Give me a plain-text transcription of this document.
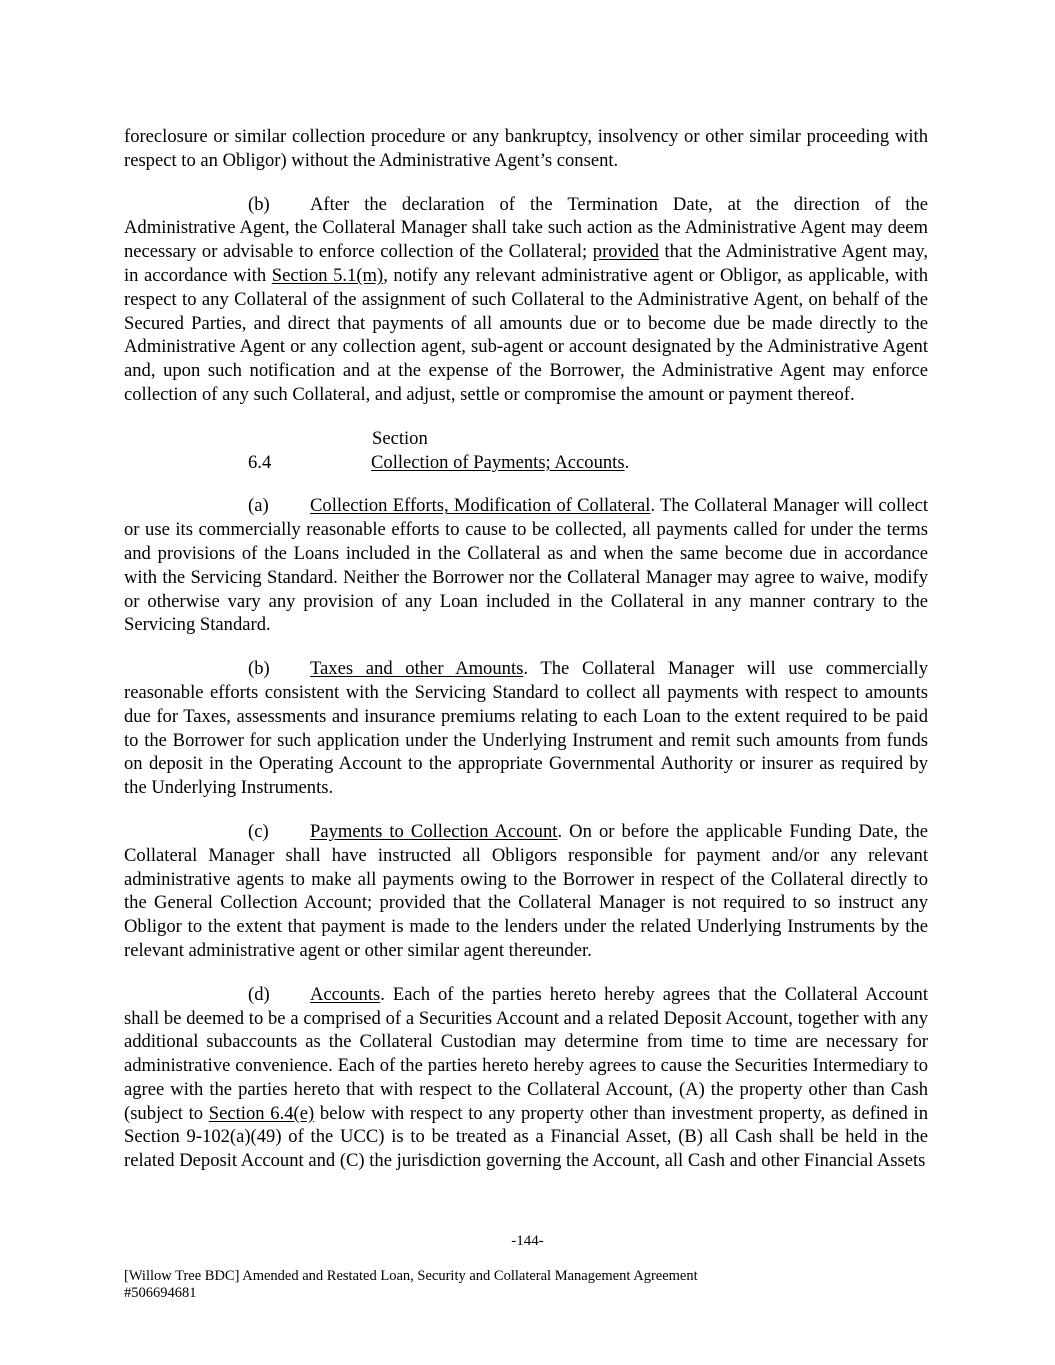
foreclosure or similar collection procedure or any bankruptcy, insolvency or other similar proceeding with respect to an Obligor) without the Administrative Agent’s consent.

(b) After the declaration of the Termination Date, at the direction of the Administrative Agent, the Collateral Manager shall take such action as the Administrative Agent may deem necessary or advisable to enforce collection of the Collateral; provided that the Administrative Agent may, in accordance with Section 5.1(m), notify any relevant administrative agent or Obligor, as applicable, with respect to any Collateral of the assignment of such Collateral to the Administrative Agent, on behalf of the Secured Parties, and direct that payments of all amounts due or to become due be made directly to the Administrative Agent or any collection agent, sub-agent or account designated by the Administrative Agent and, upon such notification and at the expense of the Borrower, the Administrative Agent may enforce collection of any such Collateral, and adjust, settle or compromise the amount or payment thereof.

Section 6.4	Collection of Payments; Accounts.

(a) Collection Efforts, Modification of Collateral. The Collateral Manager will collect or use its commercially reasonable efforts to cause to be collected, all payments called for under the terms and provisions of the Loans included in the Collateral as and when the same become due in accordance with the Servicing Standard. Neither the Borrower nor the Collateral Manager may agree to waive, modify or otherwise vary any provision of any Loan included in the Collateral in any manner contrary to the Servicing Standard.

(b) Taxes and other Amounts. The Collateral Manager will use commercially reasonable efforts consistent with the Servicing Standard to collect all payments with respect to amounts due for Taxes, assessments and insurance premiums relating to each Loan to the extent required to be paid to the Borrower for such application under the Underlying Instrument and remit such amounts from funds on deposit in the Operating Account to the appropriate Governmental Authority or insurer as required by the Underlying Instruments.

(c) Payments to Collection Account. On or before the applicable Funding Date, the Collateral Manager shall have instructed all Obligors responsible for payment and/or any relevant administrative agents to make all payments owing to the Borrower in respect of the Collateral directly to the General Collection Account; provided that the Collateral Manager is not required to so instruct any Obligor to the extent that payment is made to the lenders under the related Underlying Instruments by the relevant administrative agent or other similar agent thereunder.

(d) Accounts. Each of the parties hereto hereby agrees that the Collateral Account shall be deemed to be a comprised of a Securities Account and a related Deposit Account, together with any additional subaccounts as the Collateral Custodian may determine from time to time are necessary for administrative convenience. Each of the parties hereto hereby agrees to cause the Securities Intermediary to agree with the parties hereto that with respect to the Collateral Account, (A) the property other than Cash (subject to Section 6.4(e) below with respect to any property other than investment property, as defined in Section 9-102(a)(49) of the UCC) is to be treated as a Financial Asset, (B) all Cash shall be held in the related Deposit Account and (C) the jurisdiction governing the Account, all Cash and other Financial Assets

-144-
[Willow Tree BDC] Amended and Restated Loan, Security and Collateral Management Agreement
#506694681
